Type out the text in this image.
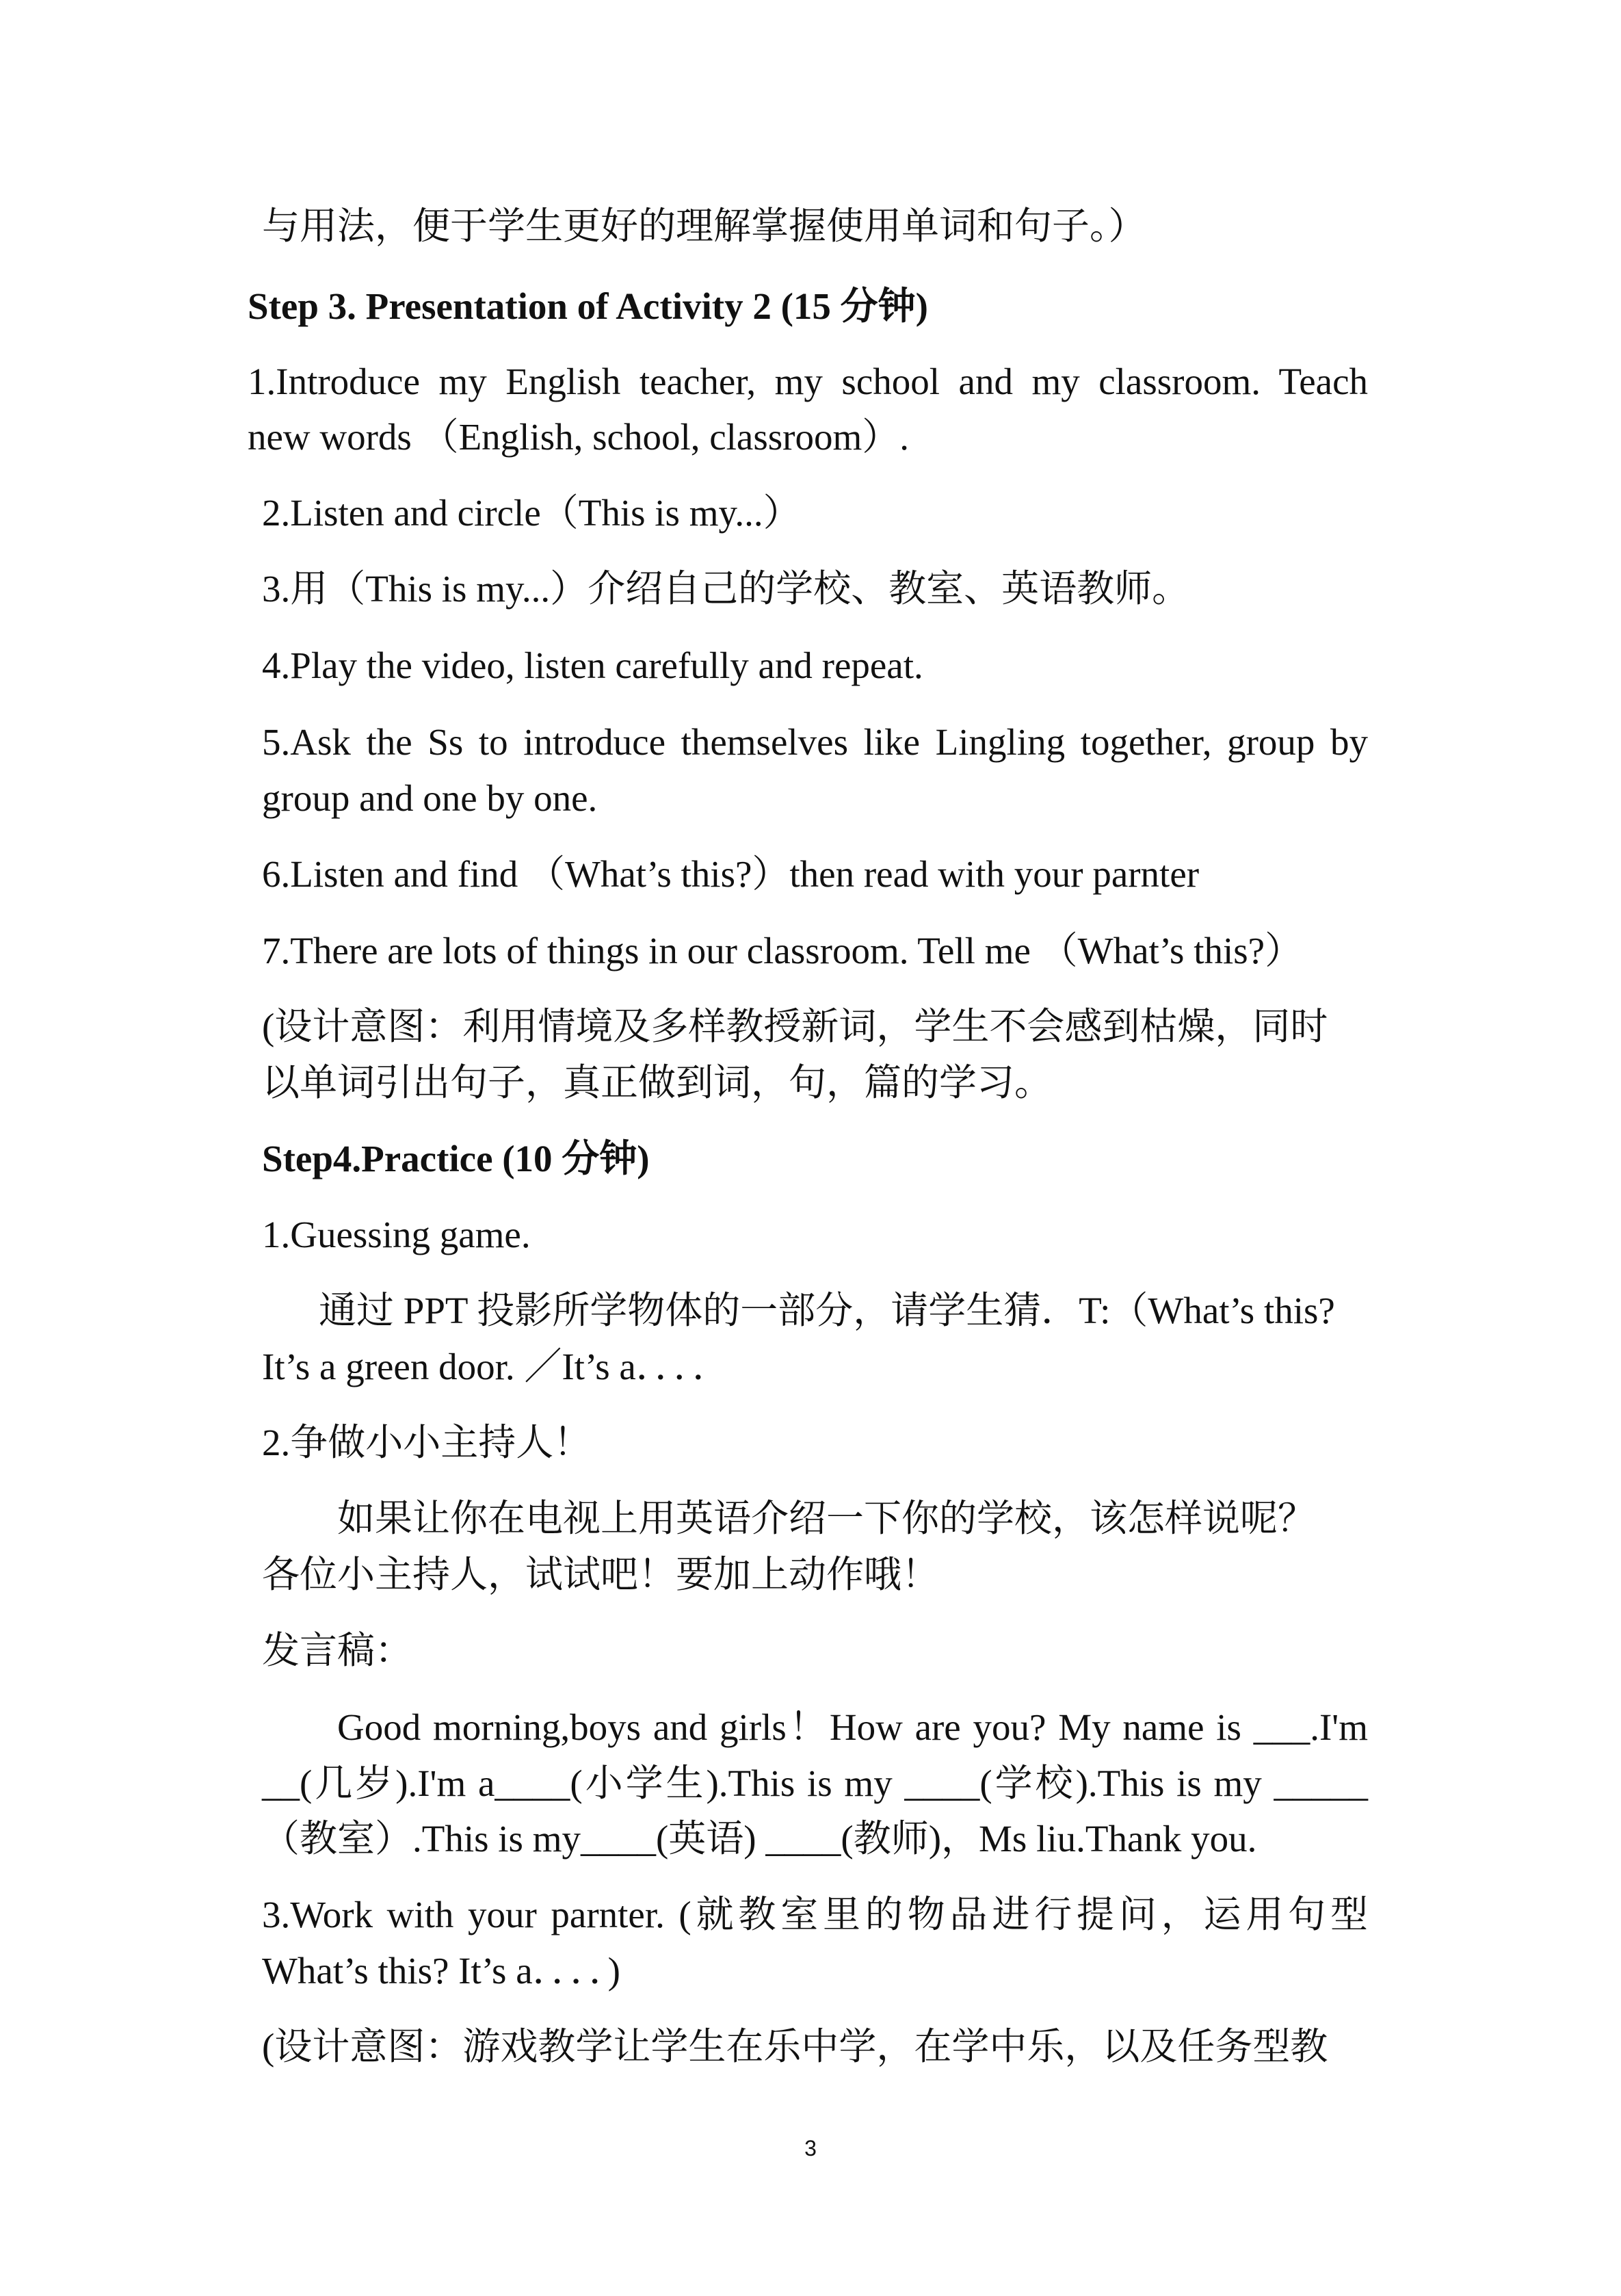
与用法，便于学生更好的理解掌握使用单词和句子。）
Step 3. Presentation of Activity 2 (15 分钟)
1.Introduce my English teacher, my school and my classroom. Teach
new words （English, school, classroom）.
2.Listen and circle（This is my...）
3.用（This is my...）介绍自己的学校、教室、英语教师。
4.Play the video, listen carefully and repeat.
5.Ask the Ss to introduce themselves like Lingling together, group by
group and one by one.
6.Listen and find （What’s this?）then read with your parnter
7.There are lots of things in our classroom. Tell me （What’s this?）
(设计意图：利用情境及多样教授新词，学生不会感到枯燥，同时
以单词引出句子，真正做到词，句，篇的学习。
Step4.Practice (10 分钟)
1.Guessing game.
通过 PPT 投影所学物体的一部分，请学生猜．T:（What’s this?
It’s a green door. ／It’s a．．．．
2.争做小小主持人！
如果让你在电视上用英语介绍一下你的学校，该怎样说呢？
各位小主持人，试试吧！要加上动作哦！
发言稿：
Good morning,boys and girls！How are you? My name is ___.I'm
__(几岁).I'm a____(小学生).This is my ____(学校).This is my _____
（教室）.This is my____(英语) ____(教师)，Ms liu.Thank you.
3.Work with your parnter. (就教室里的物品进行提问，运用句型
What’s this? It’s a．．．．)
(设计意图：游戏教学让学生在乐中学，在学中乐，以及任务型教
3
